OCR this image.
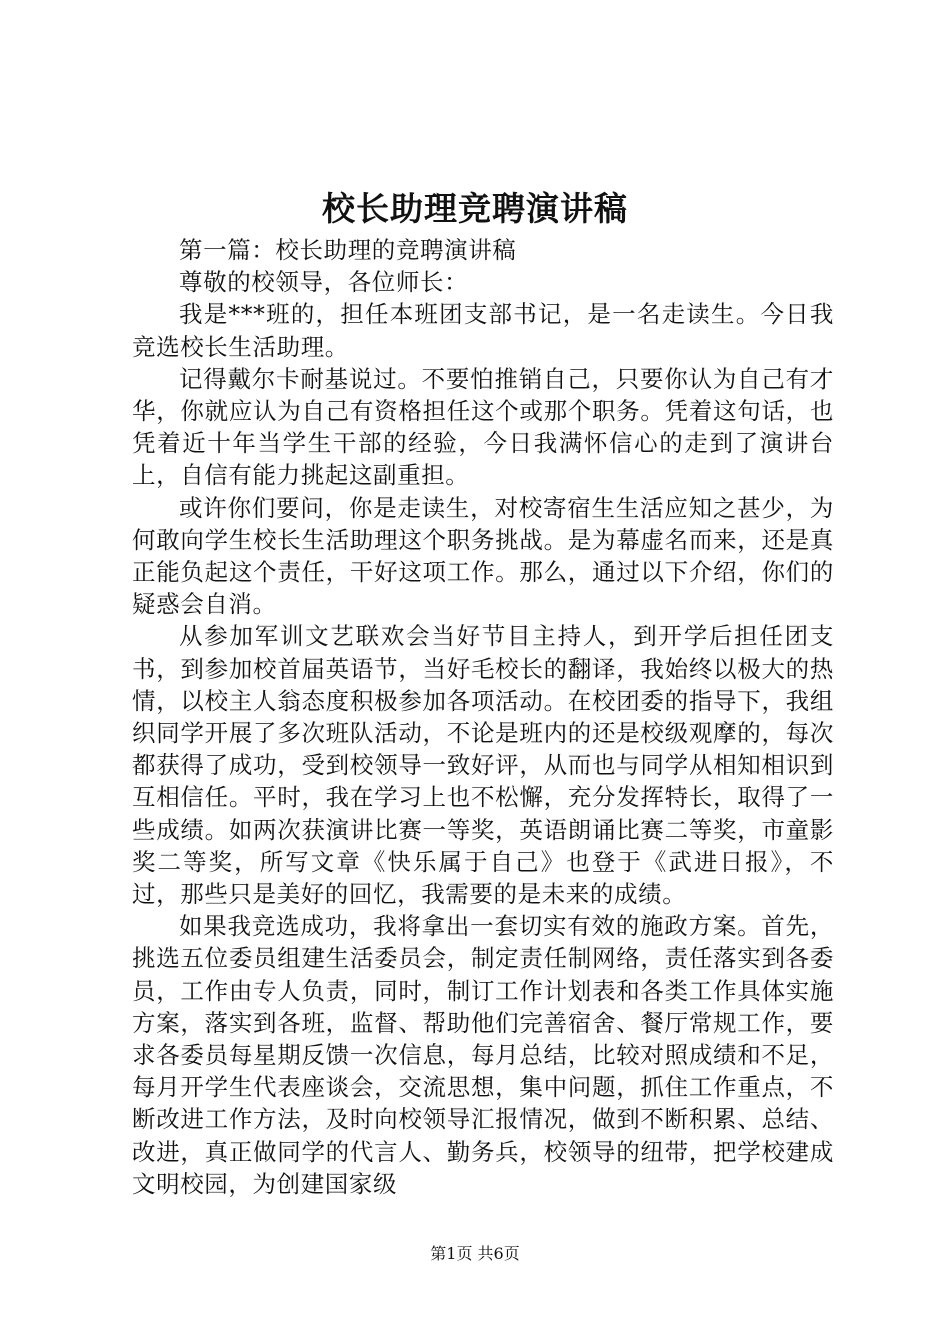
校长助理竞聘演讲稿

第一篇：校长助理的竞聘演讲稿

尊敬的校领导，各位师长：

我是***班的，担任本班团支部书记，是一名走读生。今日我竞选校长生活助理。

记得戴尔卡耐基说过。不要怕推销自己，只要你认为自己有才华，你就应认为自己有资格担任这个或那个职务。凭着这句话，也凭着近十年当学生干部的经验，今日我满怀信心的走到了演讲台上，自信有能力挑起这副重担。

或许你们要问，你是走读生，对校寄宿生生活应知之甚少，为何敢向学生校长生活助理这个职务挑战。是为幕虚名而来，还是真正能负起这个责任，干好这项工作。那么，通过以下介绍，你们的疑惑会自消。

从参加军训文艺联欢会当好节目主持人，到开学后担任团支书，到参加校首届英语节，当好毛校长的翻译，我始终以极大的热情，以校主人翁态度积极参加各项活动。在校团委的指导下，我组织同学开展了多次班队活动，不论是班内的还是校级观摩的，每次都获得了成功，受到校领导一致好评，从而也与同学从相知相识到互相信任。平时，我在学习上也不松懈，充分发挥特长，取得了一些成绩。如两次获演讲比赛一等奖，英语朗诵比赛二等奖，市童影奖二等奖，所写文章《快乐属于自己》也登于《武进日报》，不过，那些只是美好的回忆，我需要的是未来的成绩。

如果我竞选成功，我将拿出一套切实有效的施政方案。首先，挑选五位委员组建生活委员会，制定责任制网络，责任落实到各委员，工作由专人负责，同时，制订工作计划表和各类工作具体实施方案，落实到各班，监督、帮助他们完善宿舍、餐厅常规工作，要求各委员每星期反馈一次信息，每月总结，比较对照成绩和不足，每月开学生代表座谈会，交流思想，集中问题，抓住工作重点，不断改进工作方法，及时向校领导汇报情况，做到不断积累、总结、改进，真正做同学的代言人、勤务兵，校领导的纽带，把学校建成文明校园，为创建国家级

第1页 共6页
